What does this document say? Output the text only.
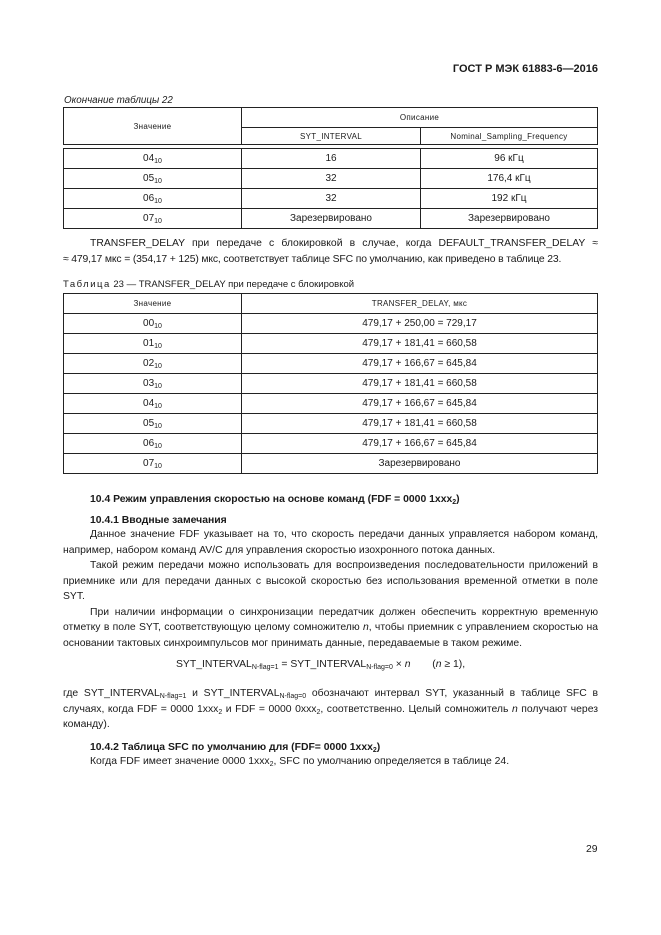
ГОСТ Р МЭК 61883-6—2016
Окончание таблицы 22
Значение	Описание	
	SYT_INTERVAL	Nominal_Sampling_Frequency

$04_{10}$	16	96 кГц
$05_{10}$	32	176,4 кГц
$06_{10}$	32	192 кГц
$07_{10}$	Зарезервировано	Зарезервировано
TRANSFER_DELAY при передаче с блокировкой в случае, когда DEFAULT_TRANSFER_DELAY ≈
≈ 479,17 мкс = (354,17 + 125) мкс, соответствует таблице SFC по умолчанию, как приведено в таблице 23.
Таблица 23 — TRANSFER_DELAY при передаче с блокировкой
Значение	TRANSFER_DELAY, мкс
$00_{10}$	479,17 + 250,00 = 729,17
$01_{10}$	479,17 + 181,41 = 660,58
$02_{10}$	479,17 + 166,67 = 645,84
$03_{10}$	479,17 + 181,41 = 660,58
$04_{10}$	479,17 + 166,67 = 645,84
$05_{10}$	479,17 + 181,41 = 660,58
$06_{10}$	479,17 + 166,67 = 645,84
$07_{10}$	Зарезервировано
10.4 Режим управления скоростью на основе команд (FDF = 0000 1xxx$_2$)
10.4.1 Вводные замечания
Данное значение FDF указывает на то, что скорость передачи данных управляется набором команд, например, набором команд AV/C для управления скоростью изохронного потока данных.
Такой режим передачи можно использовать для воспроизведения последовательности приложений в приемнике или для передачи данных с высокой скоростью без использования временной отметки в поле SYT.
При наличии информации о синхронизации передатчик должен обеспечить корректную временную отметку в поле SYT, соответствующую целому сомножителю n, чтобы приемник с управлением скоростью на основании тактовых синхроимпульсов мог принимать данные, передаваемые в таком режиме.
$SYT\_INTERVAL_{N-flag=1}$ = $SYT\_INTERVAL_{N-flag=0} \times n$ (n ≥ 1),
где $SYT\_INTERVAL_{N-flag=1}$ и $SYT\_INTERVAL_{N-flag=0}$ обозначают интервал SYT, указанный в таблице SFC в случаях, когда FDF = 0000 1xxx$_2$ и FDF = 0000 0xxx$_2$, соответственно. Целый сомножитель n получают через команду).
10.4.2 Таблица SFC по умолчанию для (FDF= 0000 1xxx$_2$)
Когда FDF имеет значение 0000 1xxx$_2$, SFC по умолчанию определяется в таблице 24.
29
